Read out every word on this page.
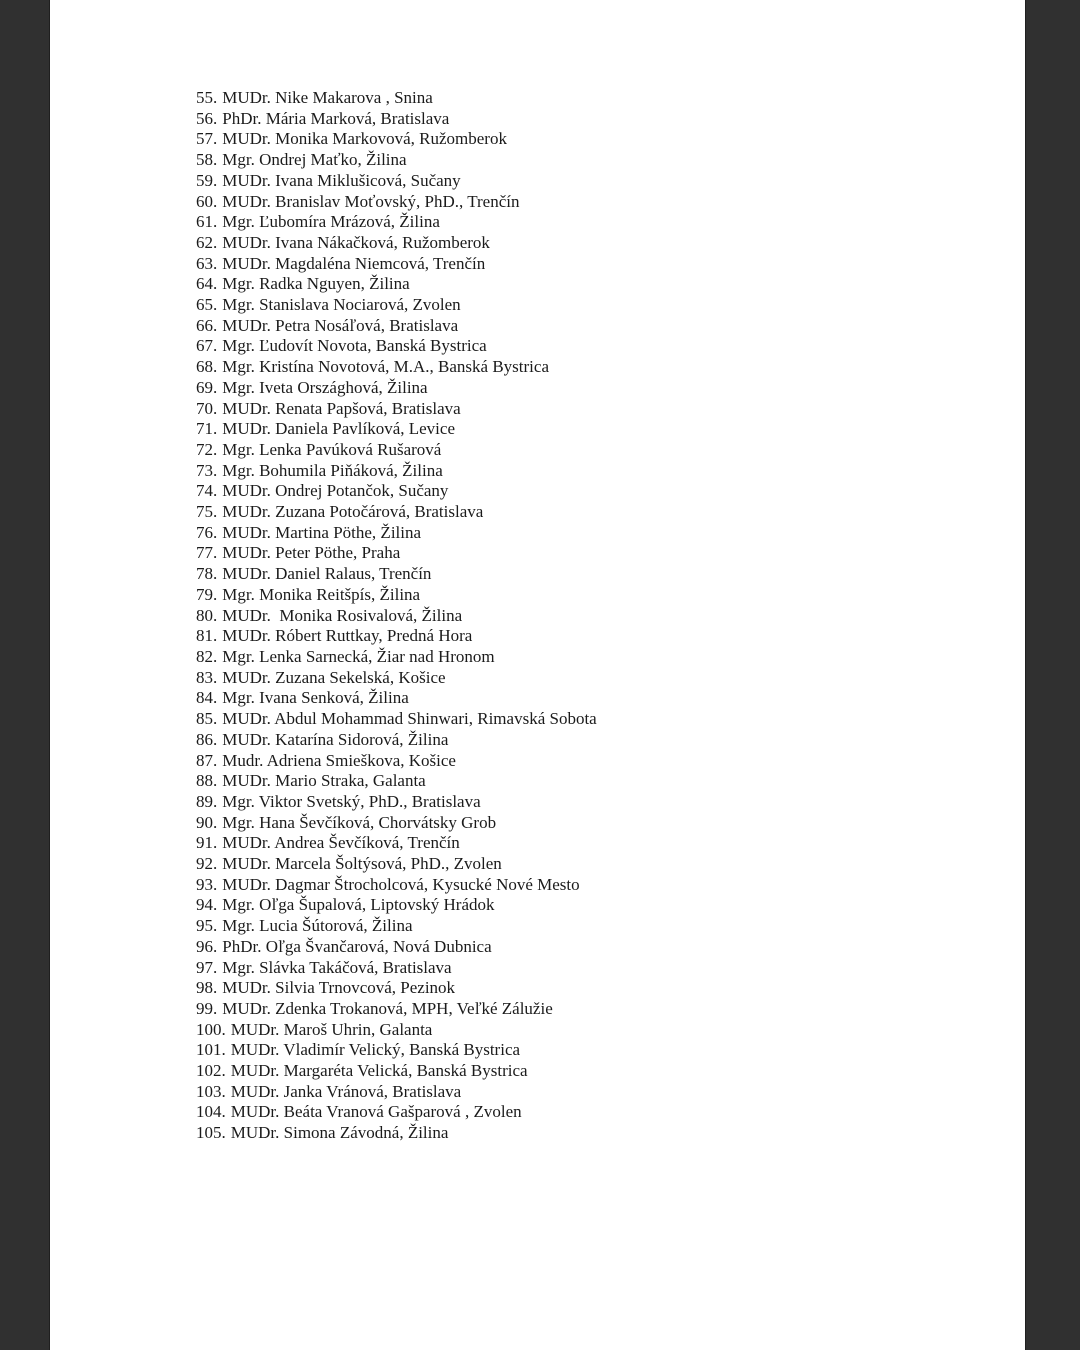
55. MUDr. Nike Makarova , Snina
56. PhDr. Mária Marková, Bratislava
57. MUDr. Monika Markovová, Ružomberok
58. Mgr. Ondrej Maťko, Žilina
59. MUDr. Ivana Miklušicová, Sučany
60. MUDr. Branislav Moťovský, PhD., Trenčín
61. Mgr. Ľubomíra Mrázová, Žilina
62. MUDr. Ivana Nákačková, Ružomberok
63. MUDr. Magdaléna Niemcová, Trenčín
64. Mgr. Radka Nguyen, Žilina
65. Mgr. Stanislava Nociarová, Zvolen
66. MUDr. Petra Nosáľová, Bratislava
67. Mgr. Ľudovít Novota, Banská Bystrica
68. Mgr. Kristína Novotová, M.A., Banská Bystrica
69. Mgr. Iveta Országhová, Žilina
70. MUDr. Renata Papšová, Bratislava
71. MUDr. Daniela Pavlíková, Levice
72. Mgr. Lenka Pavúková Rušarová
73. Mgr. Bohumila Piňáková, Žilina
74. MUDr. Ondrej Potančok, Sučany
75. MUDr. Zuzana Potočárová, Bratislava
76. MUDr. Martina Pöthe, Žilina
77. MUDr. Peter Pöthe, Praha
78. MUDr. Daniel Ralaus, Trenčín
79. Mgr. Monika Reitšpís, Žilina
80. MUDr.  Monika Rosivalová, Žilina
81. MUDr. Róbert Ruttkay, Predná Hora
82. Mgr. Lenka Sarnecká, Žiar nad Hronom
83. MUDr. Zuzana Sekelská, Košice
84. Mgr. Ivana Senková, Žilina
85. MUDr. Abdul Mohammad Shinwari, Rimavská Sobota
86. MUDr. Katarína Sidorová, Žilina
87. Mudr. Adriena Smieškova, Košice
88. MUDr. Mario Straka, Galanta
89. Mgr. Viktor Svetský, PhD., Bratislava
90. Mgr. Hana Ševčíková, Chorvátsky Grob
91. MUDr. Andrea Ševčíková, Trenčín
92. MUDr. Marcela Šoltýsová, PhD., Zvolen
93. MUDr. Dagmar Štrocholcová, Kysucké Nové Mesto
94. Mgr. Oľga Šupalová, Liptovský Hrádok
95. Mgr. Lucia Šútorová, Žilina
96. PhDr. Oľga Švančarová, Nová Dubnica
97. Mgr. Slávka Takáčová, Bratislava
98. MUDr. Silvia Trnovcová, Pezinok
99. MUDr. Zdenka Trokanová, MPH, Veľké Zálužie
100. MUDr. Maroš Uhrin, Galanta
101. MUDr. Vladimír Velický, Banská Bystrica
102. MUDr. Margaréta Velická, Banská Bystrica
103. MUDr. Janka Vránová, Bratislava
104. MUDr. Beáta Vranová Gašparová , Zvolen
105. MUDr. Simona Závodná, Žilina
